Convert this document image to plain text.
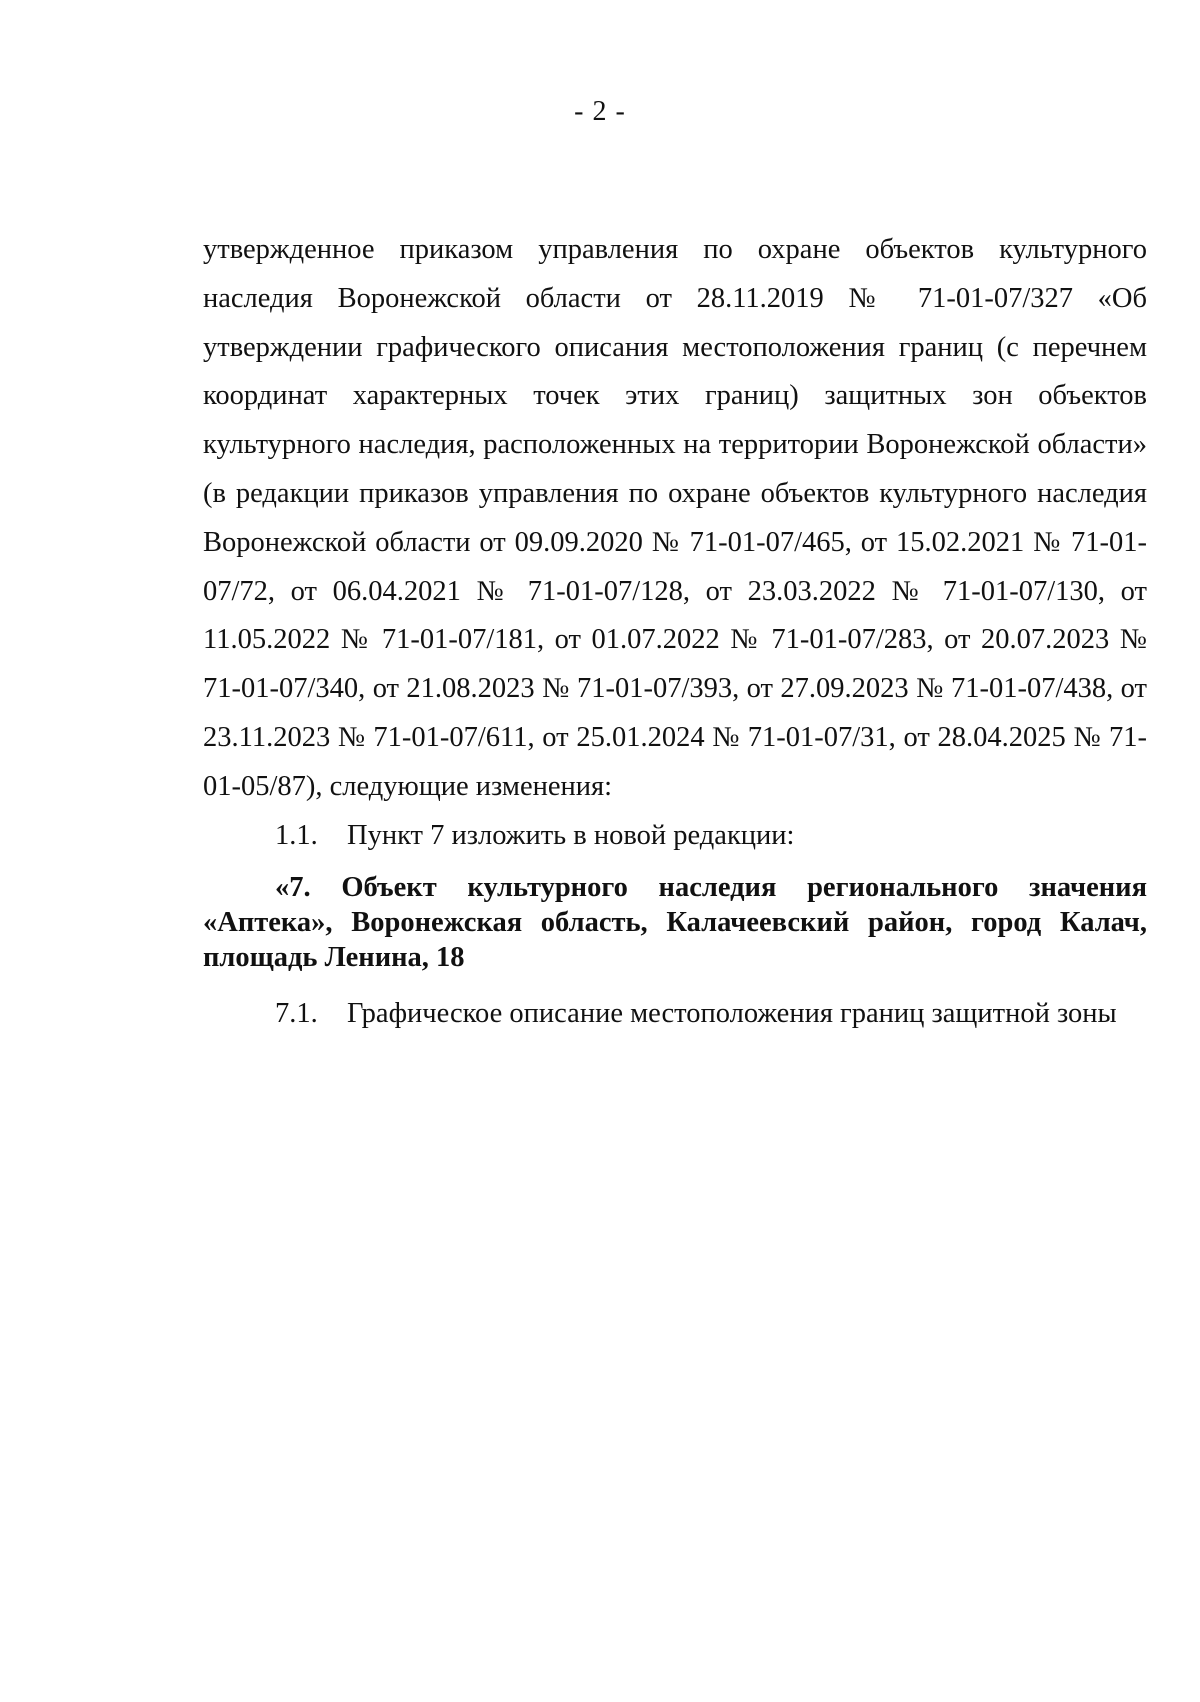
- 2 -

утвержденное приказом управления по охране объектов культурного наследия Воронежской области от 28.11.2019 № 71-01-07/327 «Об утверждении графического описания местоположения границ (с перечнем координат характерных точек этих границ) защитных зон объектов культурного наследия, расположенных на территории Воронежской области» (в редакции приказов управления по охране объектов культурного наследия Воронежской области от 09.09.2020 № 71-01-07/465, от 15.02.2021 № 71-01-07/72, от 06.04.2021 № 71-01-07/128, от 23.03.2022 № 71-01-07/130, от 11.05.2022 № 71-01-07/181, от 01.07.2022 № 71-01-07/283, от 20.07.2023 № 71-01-07/340, от 21.08.2023 № 71-01-07/393, от 27.09.2023 № 71-01-07/438, от 23.11.2023 № 71-01-07/611, от 25.01.2024 № 71-01-07/31, от 28.04.2025 № 71-01-05/87), следующие изменения:

1.1. Пункт 7 изложить в новой редакции:

«7. Объект культурного наследия регионального значения «Аптека», Воронежская область, Калачеевский район, город Калач, площадь Ленина, 18

7.1. Графическое описание местоположения границ защитной зоны
